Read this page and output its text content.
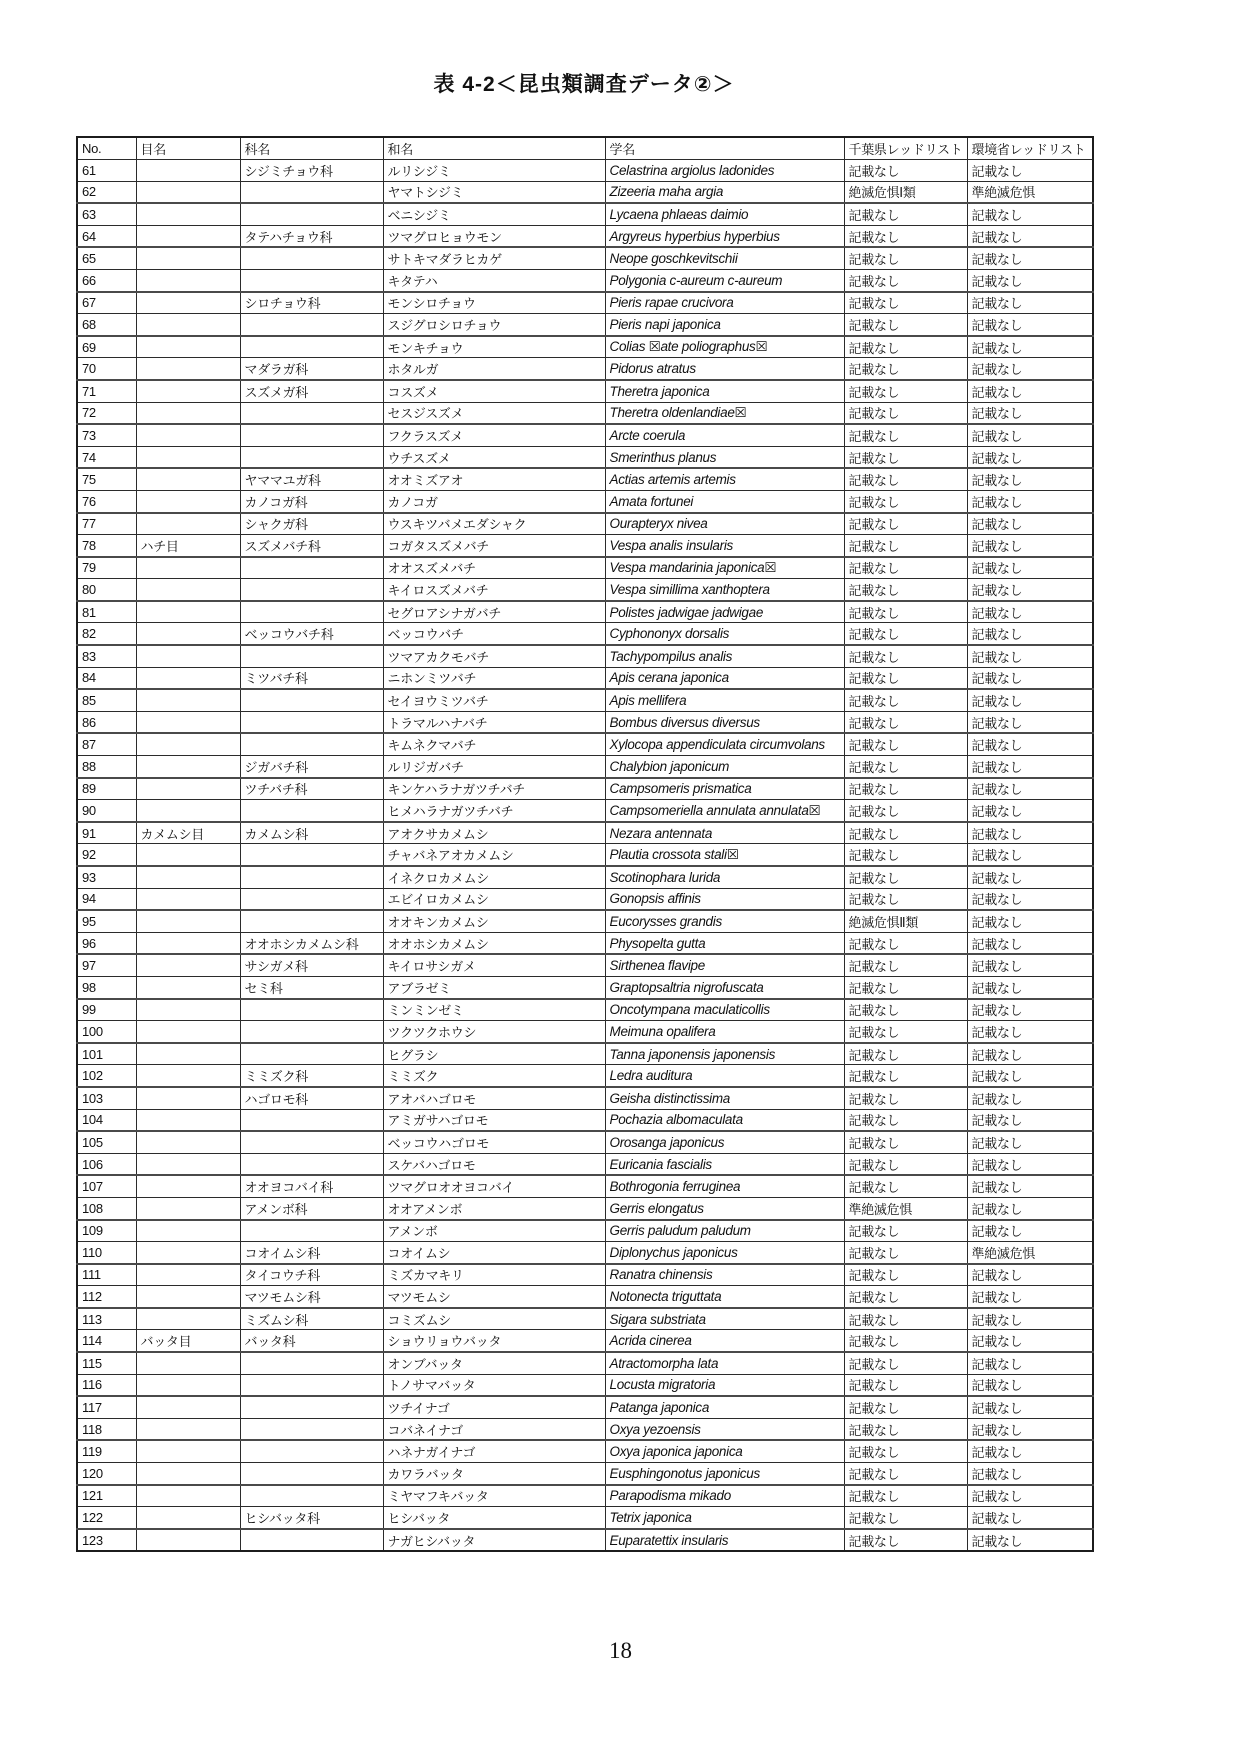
表 4-2＜昆虫類調査データ②＞
No.	目名	科名	和名	学名	千葉県レッドリスト	環境省レッドリスト
61		シジミチョウ科	ルリシジミ	Celastrina argiolus ladonides	記載なし	記載なし
62			ヤマトシジミ	Zizeeria maha argia	絶滅危惧Ⅰ類	準絶滅危惧
63			ベニシジミ	Lycaena phlaeas daimio	記載なし	記載なし
64		タテハチョウ科	ツマグロヒョウモン	Argyreus hyperbius hyperbius	記載なし	記載なし
65			サトキマダラヒカゲ	Neope goschkevitschii	記載なし	記載なし
66			キタテハ	Polygonia c-aureum c-aureum	記載なし	記載なし
67		シロチョウ科	モンシロチョウ	Pieris rapae crucivora	記載なし	記載なし
68			スジグロシロチョウ	Pieris napi japonica	記載なし	記載なし
69			モンキチョウ	Colias ☒ate poliographus☒	記載なし	記載なし
70		マダラガ科	ホタルガ	Pidorus atratus	記載なし	記載なし
71		スズメガ科	コスズメ	Theretra japonica	記載なし	記載なし
72			セスジスズメ	Theretra oldenlandiae☒	記載なし	記載なし
73			フクラスズメ	Arcte coerula	記載なし	記載なし
74			ウチスズメ	Smerinthus planus	記載なし	記載なし
75		ヤママユガ科	オオミズアオ	Actias artemis artemis	記載なし	記載なし
76		カノコガ科	カノコガ	Amata fortunei	記載なし	記載なし
77		シャクガ科	ウスキツバメエダシャク	Ourapteryx nivea	記載なし	記載なし
78	ハチ目	スズメバチ科	コガタスズメバチ	Vespa analis insularis	記載なし	記載なし
79			オオスズメバチ	Vespa mandarinia japonica☒	記載なし	記載なし
80			キイロスズメバチ	Vespa simillima xanthoptera	記載なし	記載なし
81			セグロアシナガバチ	Polistes jadwigae jadwigae	記載なし	記載なし
82		ベッコウバチ科	ベッコウバチ	Cyphononyx dorsalis	記載なし	記載なし
83			ツマアカクモバチ	Tachypompilus analis	記載なし	記載なし
84		ミツバチ科	ニホンミツバチ	Apis cerana japonica	記載なし	記載なし
85			セイヨウミツバチ	Apis mellifera	記載なし	記載なし
86			トラマルハナバチ	Bombus diversus diversus	記載なし	記載なし
87			キムネクマバチ	Xylocopa appendiculata circumvolans	記載なし	記載なし
88		ジガバチ科	ルリジガバチ	Chalybion japonicum	記載なし	記載なし
89		ツチバチ科	キンケハラナガツチバチ	Campsomeris prismatica	記載なし	記載なし
90			ヒメハラナガツチバチ	Campsomeriella annulata annulata☒	記載なし	記載なし
91	カメムシ目	カメムシ科	アオクサカメムシ	Nezara antennata	記載なし	記載なし
92			チャバネアオカメムシ	Plautia crossota stali☒	記載なし	記載なし
93			イネクロカメムシ	Scotinophara lurida	記載なし	記載なし
94			エビイロカメムシ	Gonopsis affinis	記載なし	記載なし
95			オオキンカメムシ	Eucorysses grandis	絶滅危惧Ⅱ類	記載なし
96		オオホシカメムシ科	オオホシカメムシ	Physopelta gutta	記載なし	記載なし
97		サシガメ科	キイロサシガメ	Sirthenea flavipe	記載なし	記載なし
98		セミ科	アブラゼミ	Graptopsaltria nigrofuscata	記載なし	記載なし
99			ミンミンゼミ	Oncotympana maculaticollis	記載なし	記載なし
100			ツクツクホウシ	Meimuna opalifera	記載なし	記載なし
101			ヒグラシ	Tanna japonensis japonensis	記載なし	記載なし
102		ミミズク科	ミミズク	Ledra auditura	記載なし	記載なし
103		ハゴロモ科	アオバハゴロモ	Geisha distinctissima	記載なし	記載なし
104			アミガサハゴロモ	Pochazia albomaculata	記載なし	記載なし
105			ベッコウハゴロモ	Orosanga japonicus	記載なし	記載なし
106			スケバハゴロモ	Euricania fascialis	記載なし	記載なし
107		オオヨコバイ科	ツマグロオオヨコバイ	Bothrogonia ferruginea	記載なし	記載なし
108		アメンボ科	オオアメンボ	Gerris elongatus	準絶滅危惧	記載なし
109			アメンボ	Gerris paludum paludum	記載なし	記載なし
110		コオイムシ科	コオイムシ	Diplonychus japonicus	記載なし	準絶滅危惧
111		タイコウチ科	ミズカマキリ	Ranatra chinensis	記載なし	記載なし
112		マツモムシ科	マツモムシ	Notonecta triguttata	記載なし	記載なし
113		ミズムシ科	コミズムシ	Sigara substriata	記載なし	記載なし
114	バッタ目	バッタ科	ショウリョウバッタ	Acrida cinerea	記載なし	記載なし
115			オンブバッタ	Atractomorpha lata	記載なし	記載なし
116			トノサマバッタ	Locusta migratoria	記載なし	記載なし
117			ツチイナゴ	Patanga japonica	記載なし	記載なし
118			コバネイナゴ	Oxya yezoensis	記載なし	記載なし
119			ハネナガイナゴ	Oxya japonica japonica	記載なし	記載なし
120			カワラバッタ	Eusphingonotus japonicus	記載なし	記載なし
121			ミヤマフキバッタ	Parapodisma mikado	記載なし	記載なし
122		ヒシバッタ科	ヒシバッタ	Tetrix japonica	記載なし	記載なし
123			ナガヒシバッタ	Euparatettix insularis	記載なし	記載なし
18
